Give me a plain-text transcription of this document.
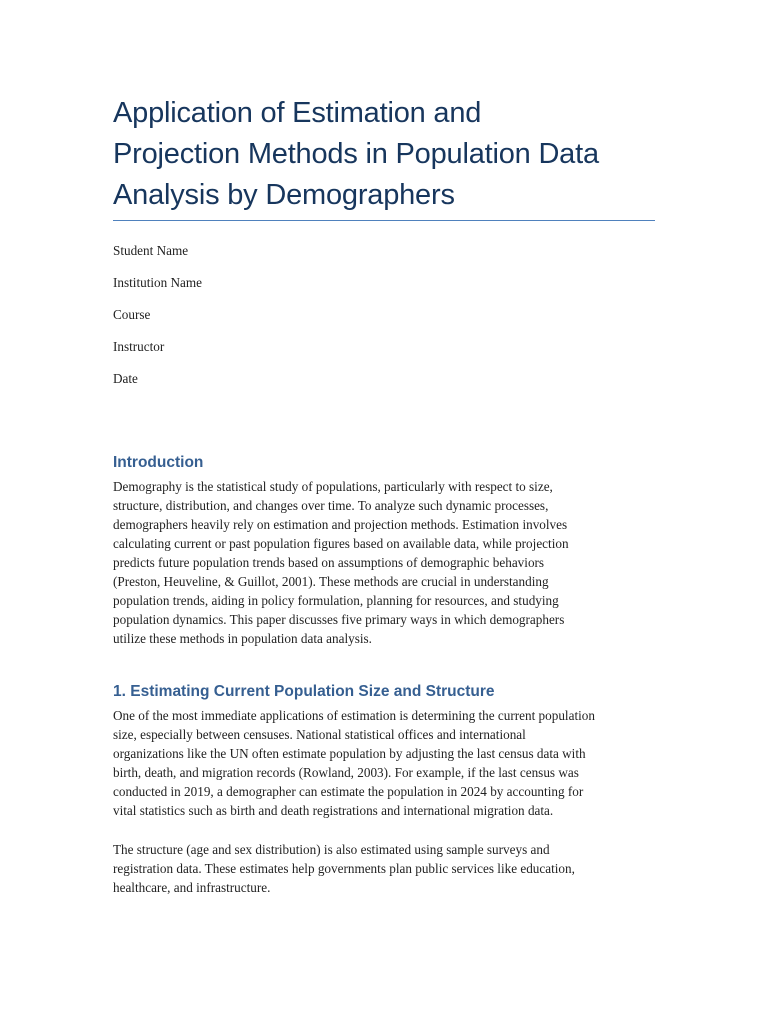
Application of Estimation and
Projection Methods in Population Data
Analysis by Demographers

Student Name

Institution Name

Course

Instructor

Date

Introduction
Demography is the statistical study of populations, particularly with respect to size,
structure, distribution, and changes over time. To analyze such dynamic processes,
demographers heavily rely on estimation and projection methods. Estimation involves
calculating current or past population figures based on available data, while projection
predicts future population trends based on assumptions of demographic behaviors
(Preston, Heuveline, & Guillot, 2001). These methods are crucial in understanding
population trends, aiding in policy formulation, planning for resources, and studying
population dynamics. This paper discusses five primary ways in which demographers
utilize these methods in population data analysis.
1. Estimating Current Population Size and Structure
One of the most immediate applications of estimation is determining the current population
size, especially between censuses. National statistical offices and international
organizations like the UN often estimate population by adjusting the last census data with
birth, death, and migration records (Rowland, 2003). For example, if the last census was
conducted in 2019, a demographer can estimate the population in 2024 by accounting for
vital statistics such as birth and death registrations and international migration data.
The structure (age and sex distribution) is also estimated using sample surveys and
registration data. These estimates help governments plan public services like education,
healthcare, and infrastructure.
